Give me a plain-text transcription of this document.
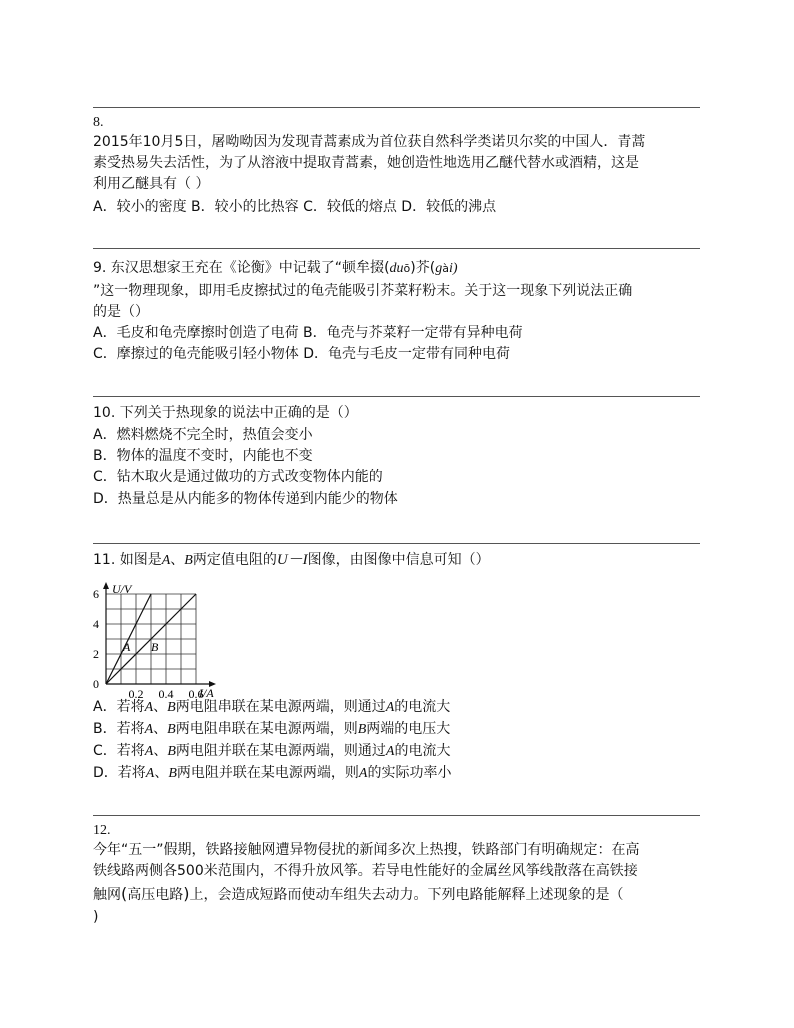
8.
2015年10月5日，屠呦呦因为发现青蒿素成为首位获自然科学类诺贝尔奖的中国人．青蒿
素受热易失去活性，为了从溶液中提取青蒿素，她创造性地选用乙醚代替水或酒精，这是
利用乙醚具有（ ）
A．较小的密度 B．较小的比热容 C．较低的熔点 D．较低的沸点
9. 东汉思想家王充在《论衡》中记载了“顿牟掇(duō)芥(gài)
”这一物理现象，即用毛皮擦拭过的龟壳能吸引芥菜籽粉末。关于这一现象下列说法正确
的是（）
A．毛皮和龟壳摩擦时创造了电荷 B．龟壳与芥菜籽一定带有异种电荷
C．摩擦过的龟壳能吸引轻小物体 D．龟壳与毛皮一定带有同种电荷
10. 下列关于热现象的说法中正确的是（）
A．燃料燃烧不完全时，热值会变小
B．物体的温度不变时，内能也不变
C．钻木取火是通过做功的方式改变物体内能的
D．热量总是从内能多的物体传递到内能少的物体
11. 如图是A、B两定值电阻的U－I图像，由图像中信息可知（）
U/V
I/A
0
2
4
6
0.2 0.4 0.6
A B
A．若将A、B两电阻串联在某电源两端，则通过A的电流大
B．若将A、B两电阻串联在某电源两端，则B两端的电压大
C．若将A、B两电阻并联在某电源两端，则通过A的电流大
D．若将A、B两电阻并联在某电源两端，则A的实际功率小
12.
今年“五一”假期，铁路接触网遭异物侵扰的新闻多次上热搜，铁路部门有明确规定：在高
铁线路两侧各500米范围内，不得升放风筝。若导电性能好的金属丝风筝线散落在高铁接
触网(高压电路)上，会造成短路而使动车组失去动力。下列电路能解释上述现象的是（
)
